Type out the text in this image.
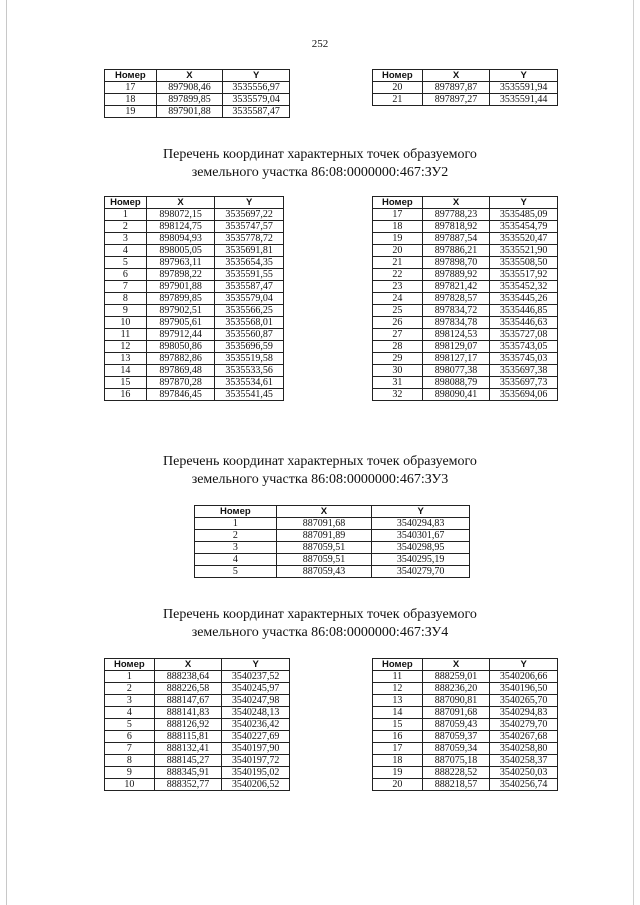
252
Номер	X	Y
17	897908,46	3535556,97
18	897899,85	3535579,04
19	897901,88	3535587,47
Номер	X	Y
20	897897,87	3535591,94
21	897897,27	3535591,44
Перечень координат характерных точек образуемого
земельного участка 86:08:0000000:467:ЗУ2
Номер	X	Y
1	898072,15	3535697,22
2	898124,75	3535747,57
3	898094,93	3535778,72
4	898005,05	3535691,81
5	897963,11	3535654,35
6	897898,22	3535591,55
7	897901,88	3535587,47
8	897899,85	3535579,04
9	897902,51	3535566,25
10	897905,61	3535568,01
11	897912,44	3535560,87
12	898050,86	3535696,59
13	897882,86	3535519,58
14	897869,48	3535533,56
15	897870,28	3535534,61
16	897846,45	3535541,45
Номер	X	Y
17	897788,23	3535485,09
18	897818,92	3535454,79
19	897887,54	3535520,47
20	897886,21	3535521,90
21	897898,70	3535508,50
22	897889,92	3535517,92
23	897821,42	3535452,32
24	897828,57	3535445,26
25	897834,72	3535446,85
26	897834,78	3535446,63
27	898124,53	3535727,08
28	898129,07	3535743,05
29	898127,17	3535745,03
30	898077,38	3535697,38
31	898088,79	3535697,73
32	898090,41	3535694,06
Перечень координат характерных точек образуемого
земельного участка 86:08:0000000:467:ЗУ3
Номер	X	Y
1	887091,68	3540294,83
2	887091,89	3540301,67
3	887059,51	3540298,95
4	887059,51	3540295,19
5	887059,43	3540279,70
Перечень координат характерных точек образуемого
земельного участка 86:08:0000000:467:ЗУ4
Номер	X	Y
1	888238,64	3540237,52
2	888226,58	3540245,97
3	888147,67	3540247,98
4	888141,83	3540248,13
5	888126,92	3540236,42
6	888115,81	3540227,69
7	888132,41	3540197,90
8	888145,27	3540197,72
9	888345,91	3540195,02
10	888352,77	3540206,52
Номер	X	Y
11	888259,01	3540206,66
12	888236,20	3540196,50
13	887090,81	3540265,70
14	887091,68	3540294,83
15	887059,43	3540279,70
16	887059,37	3540267,68
17	887059,34	3540258,80
18	887075,18	3540258,37
19	888228,52	3540250,03
20	888218,57	3540256,74
